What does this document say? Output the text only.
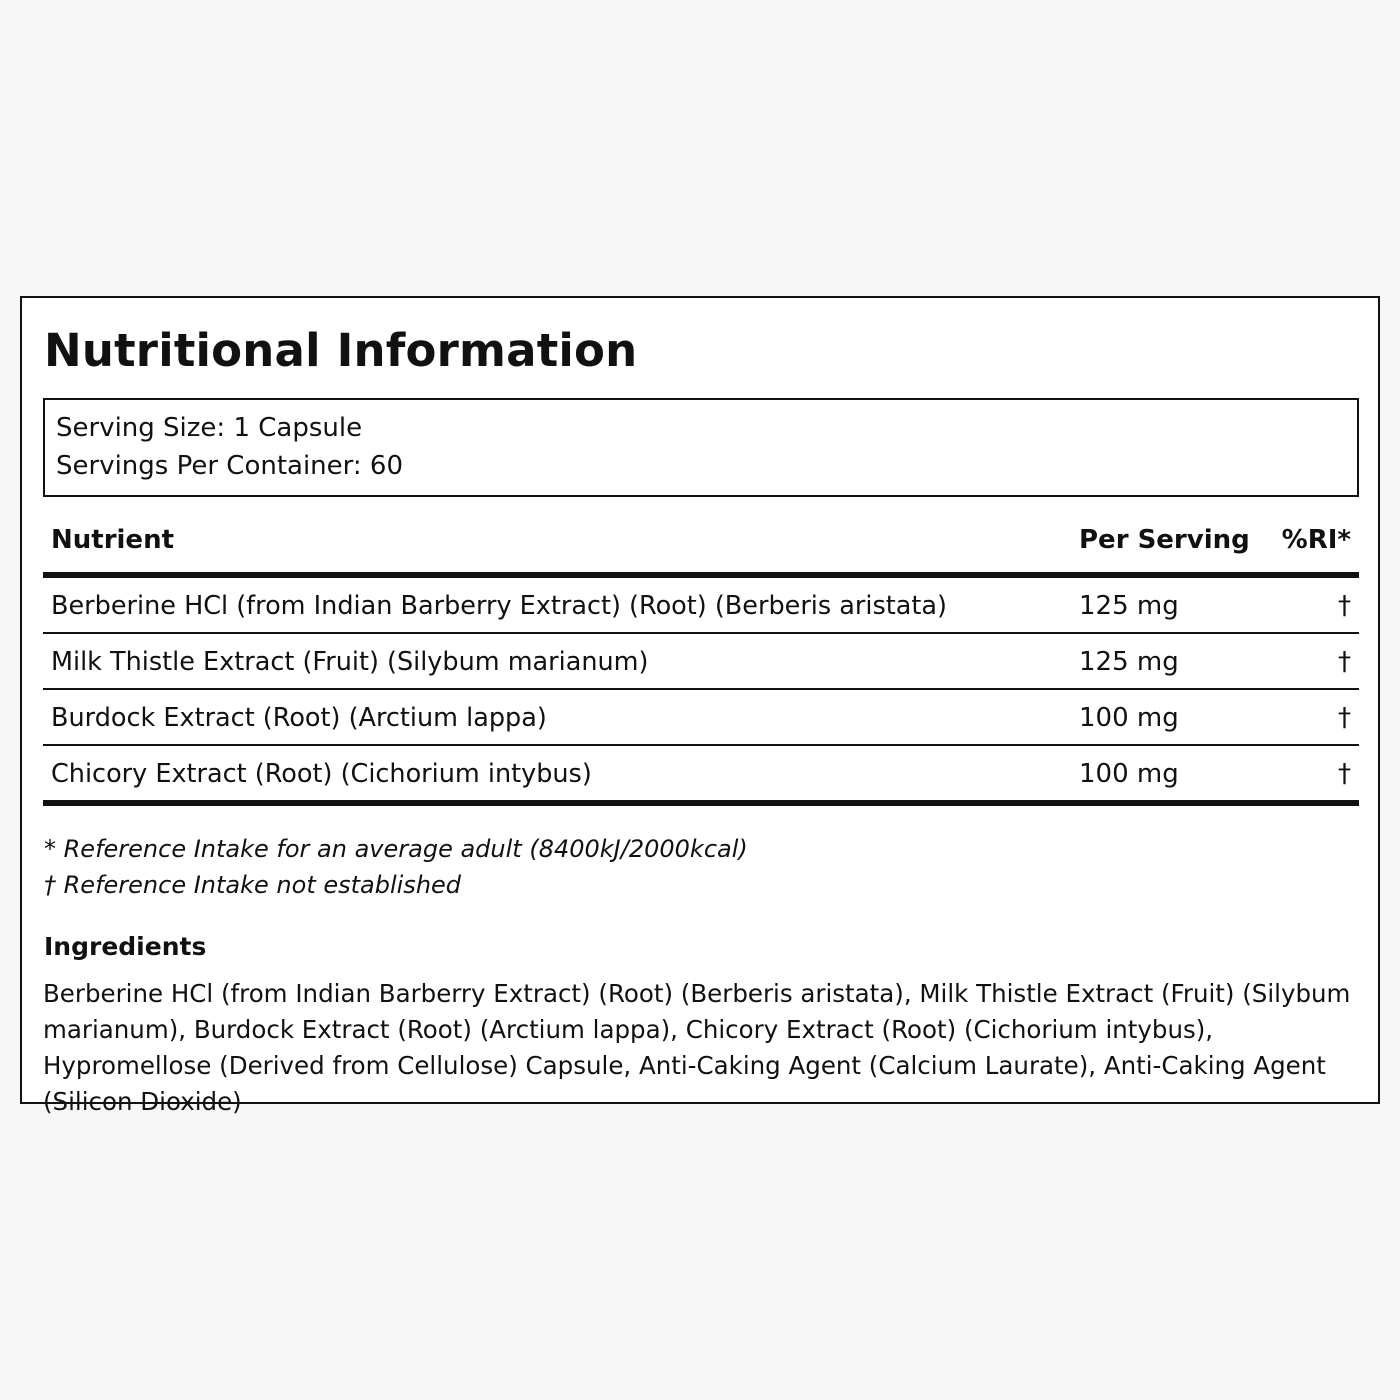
Nutritional Information
Serving Size: 1 Capsule
Servings Per Container: 60
Nutrient	Per Serving %RI*
Berberine HCl (from Indian Barberry Extract) (Root) (Berberis aristata)	125 mg	†
Milk Thistle Extract (Fruit) (Silybum marianum)	125 mg	†
Burdock Extract (Root) (Arctium lappa)	100 mg	†
Chicory Extract (Root) (Cichorium intybus)	100 mg	†
* Reference Intake for an average adult (8400kJ/2000kcal)
† Reference Intake not established
Ingredients

Berberine HCl (from Indian Barberry Extract) (Root) (Berberis aristata), Milk Thistle Extract (Fruit) (Silybum marianum), Burdock Extract (Root) (Arctium lappa), Chicory Extract (Root) (Cichorium intybus), Hypromellose (Derived from Cellulose) Capsule, Anti-Caking Agent (Calcium Laurate), Anti-Caking Agent (Silicon Dioxide)
